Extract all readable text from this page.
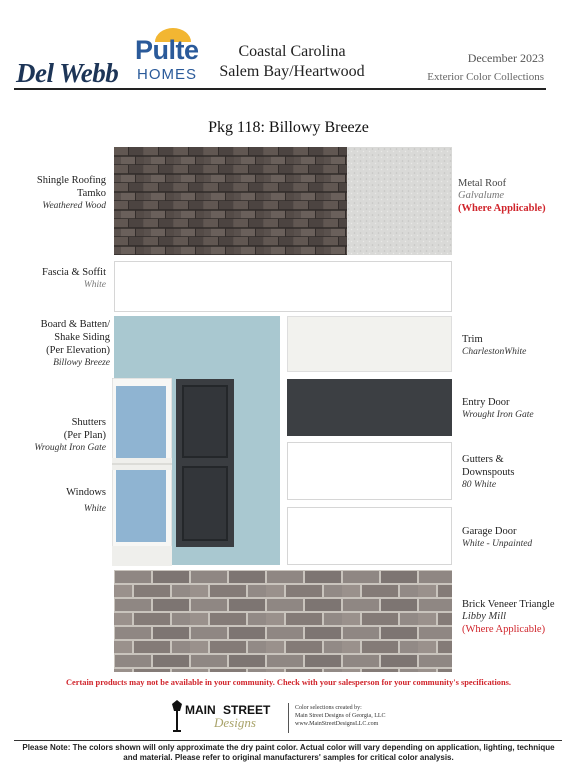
Del Webb
Pulte
HOMES
Coastal Carolina
Salem Bay/Heartwood
December 2023
Exterior Color Collections
Pkg 118: Billowy Breeze
Shingle Roofing
Tamko
Weathered Wood
Fascia & Soffit
White
Board & Batten/
Shake Siding
(Per Elevation)
Billowy Breeze
Shutters
(Per Plan)
Wrought Iron Gate
Windows
White
Metal Roof
Galvalume
(Where Applicable)
Trim
CharlestonWhite
Entry Door
Wrought Iron Gate
Gutters &
Downspouts
80 White
Garage Door
White - Unpainted
Brick Veneer Triangle
Libby Mill
(Where Applicable)
Certain products may not be available in your community. Check with your salesperson for your community's specifications.
MAIN STREET
Designs
Color selections created by:
Main Street Designs of Georgia, LLC
www.MainStreetDesignsLLC.com
Please Note: The colors shown will only approximate the dry paint color. Actual color will vary depending on application, lighting, technique and material. Please refer to original manufacturers' samples for critical color analysis.
